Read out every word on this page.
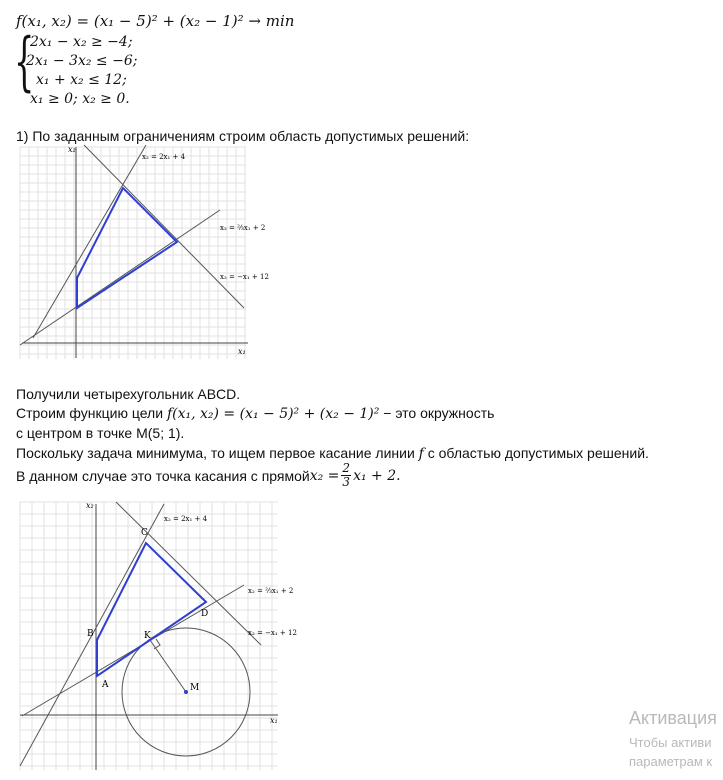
f(x₁, x₂) = (x₁ − 5)² + (x₂ − 1)² → min
{
2x₁ − x₂ ≥ −4;
2x₁ − 3x₂ ≤ −6;
x₁ + x₂ ≤ 12;
x₁ ≥ 0; x₂ ≥ 0.
1) По заданным ограничениям строим область допустимых решений:
x₁
x₂
x₂ = 2x₁ + 4
x₂ = ⅔x₁ + 2
x₂ = −x₁ + 12
Получили четырехугольник ABCD.
Строим функцию цели f(x₁, x₂) = (x₁ − 5)² + (x₂ − 1)² − это окружность
с центром в точке M(5; 1).
Поскольку задача минимума, то ищем первое касание линии f с областью допустимых решений.
В данном случае это точка касания с прямой $x_2 = \frac{2}{3} x_1 + 2$.
x₁
x₂
A
B
C
D
K
M
x₂ = 2x₁ + 4
x₂ = ⅔x₁ + 2
x₂ = −x₁ + 12
Активация
Чтобы активи
параметрам к
